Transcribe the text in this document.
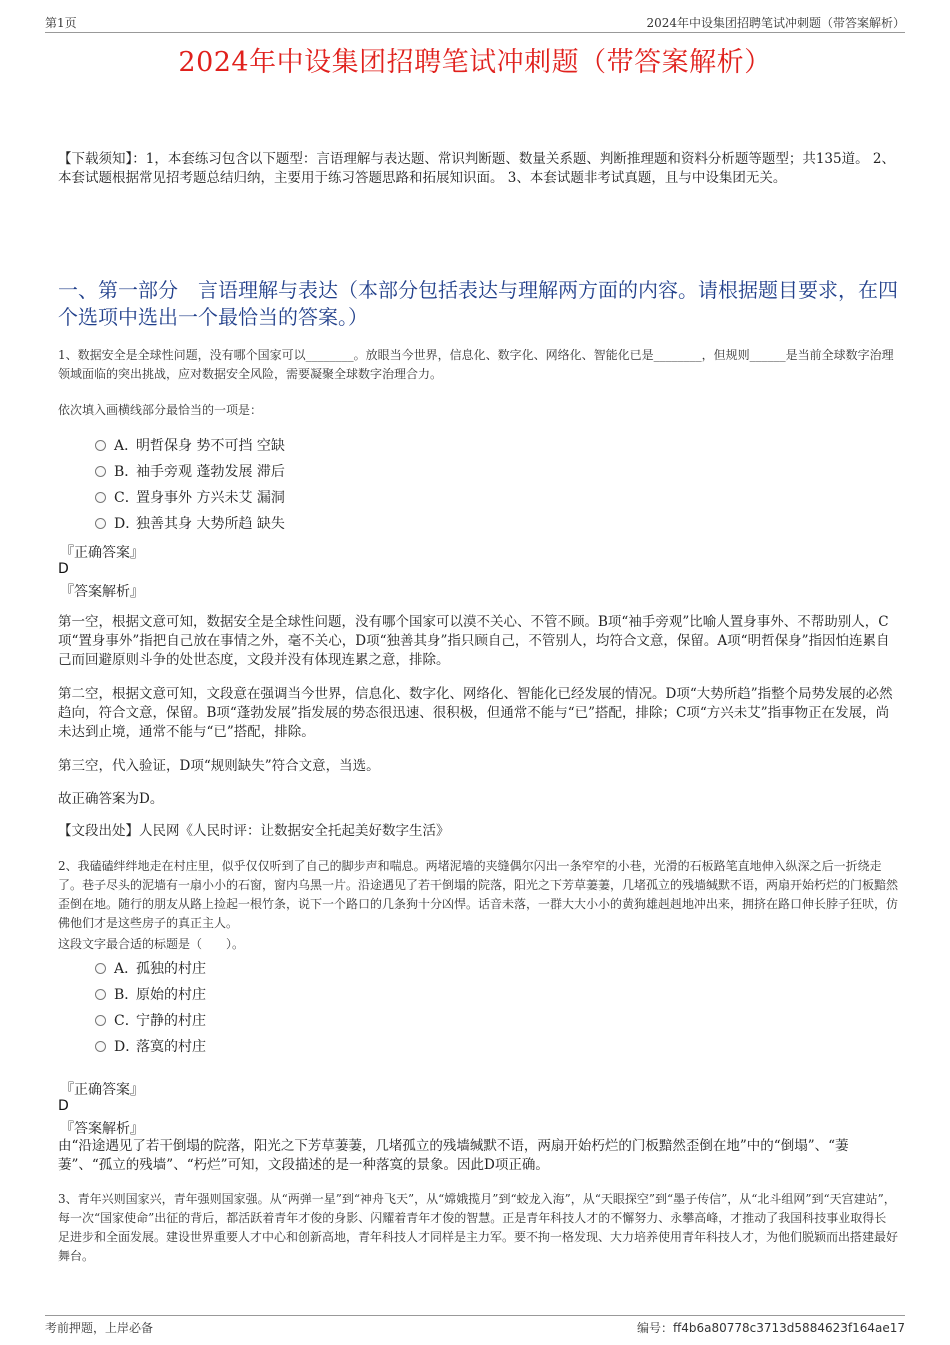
第1页	2024年中设集团招聘笔试冲刺题（带答案解析）
2024年中设集团招聘笔试冲刺题（带答案解析）
【下载须知】：1，本套练习包含以下题型：言语理解与表达题、常识判断题、数量关系题、判断推理题和资料分析题等题型；共135道。 2、本套试题根据常见招考题总结归纳，主要用于练习答题思路和拓展知识面。 3、本套试题非考试真题，且与中设集团无关。
一、第一部分　言语理解与表达（本部分包括表达与理解两方面的内容。请根据题目要求，在四个选项中选出一个最恰当的答案。）
1、数据安全是全球性问题，没有哪个国家可以________。放眼当今世界，信息化、数字化、网络化、智能化已是________，但规则______是当前全球数字治理领域面临的突出挑战，应对数据安全风险，需要凝聚全球数字治理合力。
依次填入画横线部分最恰当的一项是：
A．明哲保身 势不可挡 空缺
B．袖手旁观 蓬勃发展 滞后
C．置身事外 方兴未艾 漏洞
D．独善其身 大势所趋 缺失
『正确答案』
D
『答案解析』
第一空，根据文意可知，数据安全是全球性问题，没有哪个国家可以漠不关心、不管不顾。B项“袖手旁观”比喻人置身事外、不帮助别人，C项“置身事外”指把自己放在事情之外，毫不关心，D项“独善其身”指只顾自己，不管别人，均符合文意，保留。A项“明哲保身”指因怕连累自己而回避原则斗争的处世态度，文段并没有体现连累之意，排除。
第二空，根据文意可知，文段意在强调当今世界，信息化、数字化、网络化、智能化已经发展的情况。D项“大势所趋”指整个局势发展的必然趋向，符合文意，保留。B项“蓬勃发展”指发展的势态很迅速、很积极，但通常不能与“已”搭配，排除；C项“方兴未艾”指事物正在发展，尚未达到止境，通常不能与“已”搭配，排除。
第三空，代入验证，D项“规则缺失”符合文意，当选。
故正确答案为D。
【文段出处】人民网《人民时评：让数据安全托起美好数字生活》
2、我磕磕绊绊地走在村庄里，似乎仅仅听到了自己的脚步声和喘息。两堵泥墙的夹缝偶尔闪出一条窄窄的小巷，光滑的石板路笔直地伸入纵深之后一折绕走了。巷子尽头的泥墙有一扇小小的石窗，窗内乌黑一片。沿途遇见了若干倒塌的院落，阳光之下芳草萋萋，几堵孤立的残墙缄默不语，两扇开始朽烂的门板黯然歪倒在地。随行的朋友从路上捡起一根竹条，说下一个路口的几条狗十分凶悍。话音未落，一群大大小小的黄狗雄赳赳地冲出来，拥挤在路口伸长脖子狂吠，仿佛他们才是这些房子的真正主人。
这段文字最合适的标题是（　　）。
A．孤独的村庄
B．原始的村庄
C．宁静的村庄
D．落寞的村庄
『正确答案』
D
『答案解析』
由“沿途遇见了若干倒塌的院落，阳光之下芳草萋萋，几堵孤立的残墙缄默不语，两扇开始朽烂的门板黯然歪倒在地”中的“倒塌”、“萋萋”、“孤立的残墙”、“朽烂”可知，文段描述的是一种落寞的景象。因此D项正确。
3、青年兴则国家兴，青年强则国家强。从“两弹一星”到“神舟飞天”，从“嫦娥揽月”到“蛟龙入海”，从“天眼探空”到“墨子传信”，从“北斗组网”到“天宫建站”，每一次“国家使命”出征的背后，都活跃着青年才俊的身影、闪耀着青年才俊的智慧。正是青年科技人才的不懈努力、永攀高峰，才推动了我国科技事业取得长足进步和全面发展。建设世界重要人才中心和创新高地，青年科技人才同样是主力军。要不拘一格发现、大力培养使用青年科技人才，为他们脱颖而出搭建最好舞台。
考前押题，上岸必备	编号：ff4b6a80778c3713d5884623f164ae17
